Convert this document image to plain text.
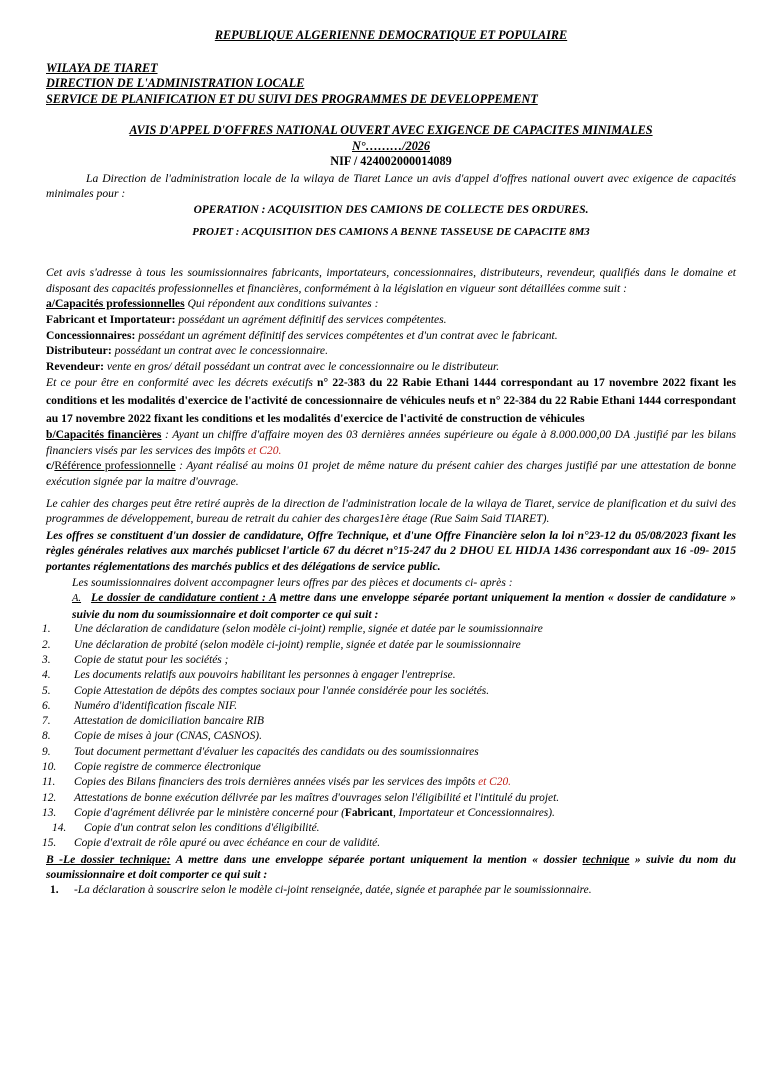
REPUBLIQUE ALGERIENNE DEMOCRATIQUE ET POPULAIRE

WILAYA DE TIARET

DIRECTION DE L'ADMINISTRATION LOCALE

SERVICE DE PLANIFICATION ET DU SUIVI DES PROGRAMMES DE DEVELOPPEMENT

AVIS D'APPEL D'OFFRES NATIONAL OUVERT AVEC EXIGENCE DE CAPACITES MINIMALES

N°………/2026

NIF / 424002000014089

La Direction de l'administration locale de la wilaya de Tiaret Lance un avis d'appel d'offres national ouvert avec exigence de capacités minimales pour :

OPERATION : ACQUISITION DES CAMIONS DE COLLECTE DES ORDURES.

PROJET : ACQUISITION DES CAMIONS A BENNE TASSEUSE DE CAPACITE 8M3

Cet avis s'adresse à tous les soumissionnaires fabricants, importateurs, concessionnaires, distributeurs, revendeur, qualifiés dans le domaine et disposant des capacités professionnelles et financières, conformément à la législation en vigueur sont détaillées comme suit :

a/Capacités professionnelles Qui répondent aux conditions suivantes :

Fabricant et Importateur: possédant un agrément définitif des services compétentes.

Concessionnaires: possédant un agrément définitif des services compétentes et d'un contrat avec le fabricant.

Distributeur: possédant un contrat avec le concessionnaire.

Revendeur: vente en gros/ détail possédant un contrat avec le concessionnaire ou le distributeur.

Et ce pour être en conformité avec les décrets exécutifs n° 22-383 du 22 Rabie Ethani 1444 correspondant au 17 novembre 2022 fixant les conditions et les modalités d'exercice de l'activité de concessionnaire de véhicules neufs et n° 22-384 du 22 Rabie Ethani 1444 correspondant au 17 novembre 2022 fixant les conditions et les modalités d'exercice de l'activité de construction de véhicules

b/Capacités financières : Ayant un chiffre d'affaire moyen des 03 dernières années supérieure ou égale à 8.000.000,00 DA .justifié par les bilans financiers visés par les services des impôts et C20.

c/Référence professionnelle : Ayant réalisé au moins 01 projet de même nature du présent cahier des charges justifié par une attestation de bonne exécution signée par la maitre d'ouvrage.

Le cahier des charges peut être retiré auprès de la direction de l'administration locale de la wilaya de Tiaret, service de planification et du suivi des programmes de développement, bureau de retrait du cahier des charges1ère étage (Rue Saim Said TIARET).

Les offres se constituent d'un dossier de candidature, Offre Technique, et d'une Offre Financière selon la loi n°23-12 du 05/08/2023 fixant les règles générales relatives aux marchés publicset l'article 67 du décret n°15-247 du 2 DHOU EL HIDJA 1436 correspondant aux 16 -09- 2015 portantes réglementations des marchés publics et des délégations de service public.

Les soumissionnaires doivent accompagner leurs offres par des pièces et documents ci- après :

A. Le dossier de candidature contient : A mettre dans une enveloppe séparée portant uniquement la mention « dossier de candidature » suivie du nom du soumissionnaire et doit comporter ce qui suit :

1. Une déclaration de candidature (selon modèle ci-joint) remplie, signée et datée par le soumissionnaire
2. Une déclaration de probité (selon modèle ci-joint) remplie, signée et datée par le soumissionnaire
3. Copie de statut pour les sociétés ;
4. Les documents relatifs aux pouvoirs habilitant les personnes à engager l'entreprise.
5. Copie Attestation de dépôts des comptes sociaux pour l'année considérée pour les sociétés.
6. Numéro d'identification fiscale NIF.
7. Attestation de domiciliation bancaire RIB
8. Copie de mises à jour (CNAS, CASNOS).
9. Tout document permettant d'évaluer les capacités des candidats ou des soumissionnaires
10. Copie registre de commerce électronique
11. Copies des Bilans financiers des trois dernières années visés par les services des impôts et C20.
12. Attestations de bonne exécution délivrée par les maîtres d'ouvrages selon l'éligibilité et l'intitulé du projet.
13. Copie d'agrément délivrée par le ministère concerné pour (Fabricant, Importateur et Concessionnaires).
14. Copie d'un contrat selon les conditions d'éligibilité.
15. Copie d'extrait de rôle apuré ou avec échéance en cour de validité.

B -Le dossier technique: A mettre dans une enveloppe séparée portant uniquement la mention « dossier technique » suivie du nom du soumissionnaire et doit comporter ce qui suit :

1. -La déclaration à souscrire selon le modèle ci-joint renseignée, datée, signée et paraphée par le soumissionnaire.
